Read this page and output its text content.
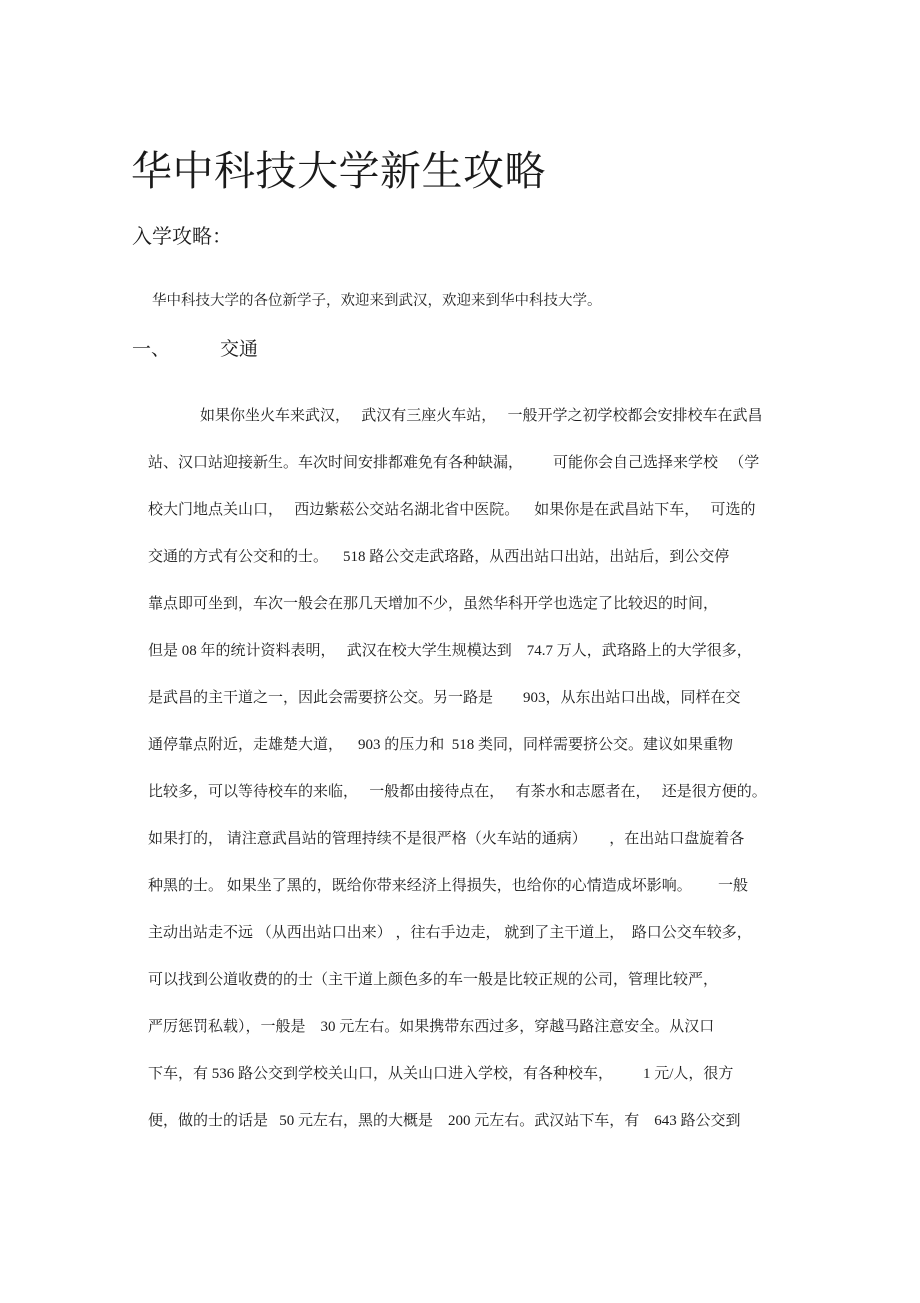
华中科技大学新生攻略
入学攻略：

华中科技大学的各位新学子，欢迎来到武汉，欢迎来到华中科技大学。

一、	交通
如果你坐火车来武汉，   武汉有三座火车站，   一般开学之初学校都会安排校车在武昌
站、汉口站迎接新生。车次时间安排都难免有各种缺漏，        可能你会自己选择来学校   （学
校大门地点关山口，   西边紫菘公交站名湖北省中医院。    如果你是在武昌站下车，   可选的
交通的方式有公交和的士。    518 路公交走武珞路，从西出站口出站，出站后，到公交停
靠点即可坐到，车次一般会在那几天增加不少，虽然华科开学也选定了比较迟的时间，
但是 08 年的统计资料表明，   武汉在校大学生规模达到    74.7 万人，武珞路上的大学很多，
是武昌的主干道之一，因此会需要挤公交。另一路是        903，从东出站口出战，同样在交
通停靠点附近，走雄楚大道，    903 的压力和  518 类同，同样需要挤公交。建议如果重物
比较多，可以等待校车的来临，   一般都由接待点在，   有茶水和志愿者在，   还是很方便的。
如果打的， 请注意武昌站的管理持续不是很严格（火车站的通病）      ，在出站口盘旋着各
种黑的士。 如果坐了黑的，既给你带来经济上得损失，也给你的心情造成坏影响。       一般
主动出站走不远 （从西出站口出来） ，往右手边走， 就到了主干道上，  路口公交车较多，
可以找到公道收费的的士（主干道上颜色多的车一般是比较正规的公司，管理比较严，
严厉惩罚私载），一般是    30 元左右。如果携带东西过多，穿越马路注意安全。从汉口
下车，有 536 路公交到学校关山口，从关山口进入学校，有各种校车，        1 元/人，很方
便，做的士的话是   50 元左右，黑的大概是    200 元左右。武汉站下车，有    643 路公交到
